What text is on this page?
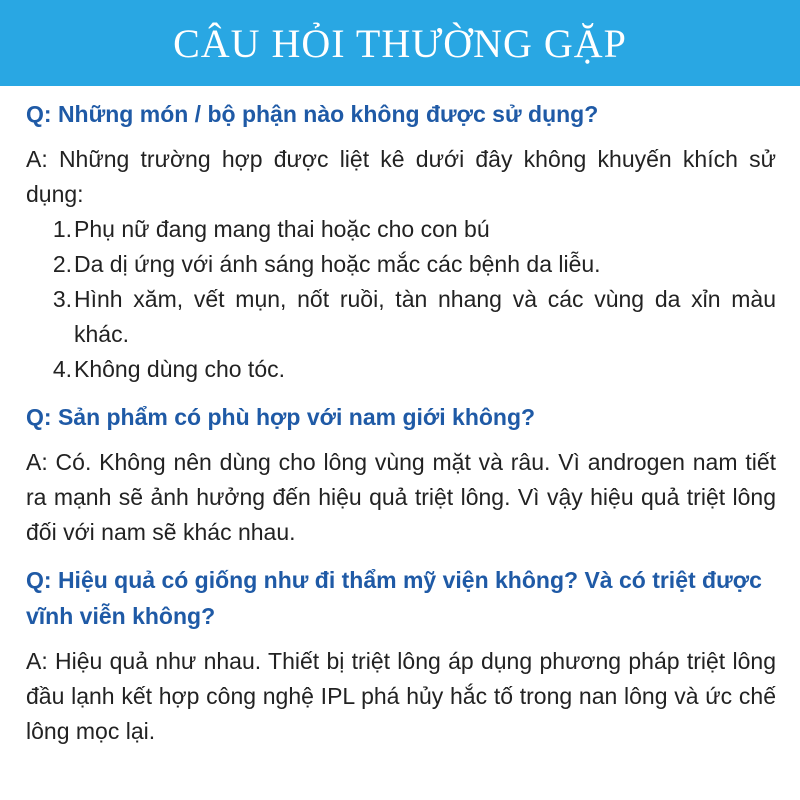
CÂU HỎI THƯỜNG GẶP

Q: Những món / bộ phận nào không được sử dụng?

A: Những trường hợp được liệt kê dưới đây không khuyến khích sử dụng:

1. Phụ nữ đang mang thai hoặc cho con bú
2. Da dị ứng với ánh sáng hoặc mắc các bệnh da liễu.
3. Hình xăm, vết mụn, nốt ruồi, tàn nhang và các vùng da xỉn màu khác.
4. Không dùng cho tóc.

Q: Sản phẩm có phù hợp với nam giới không?

A: Có. Không nên dùng cho lông vùng mặt và râu. Vì androgen nam tiết ra mạnh sẽ ảnh hưởng đến hiệu quả triệt lông. Vì vậy hiệu quả triệt lông đối với nam sẽ khác nhau.

Q: Hiệu quả có giống như đi thẩm mỹ viện không? Và có triệt được vĩnh viễn không?

A: Hiệu quả như nhau. Thiết bị triệt lông áp dụng phương pháp triệt lông đầu lạnh kết hợp công nghệ IPL phá hủy hắc tố trong nan lông và ức chế lông mọc lại.
